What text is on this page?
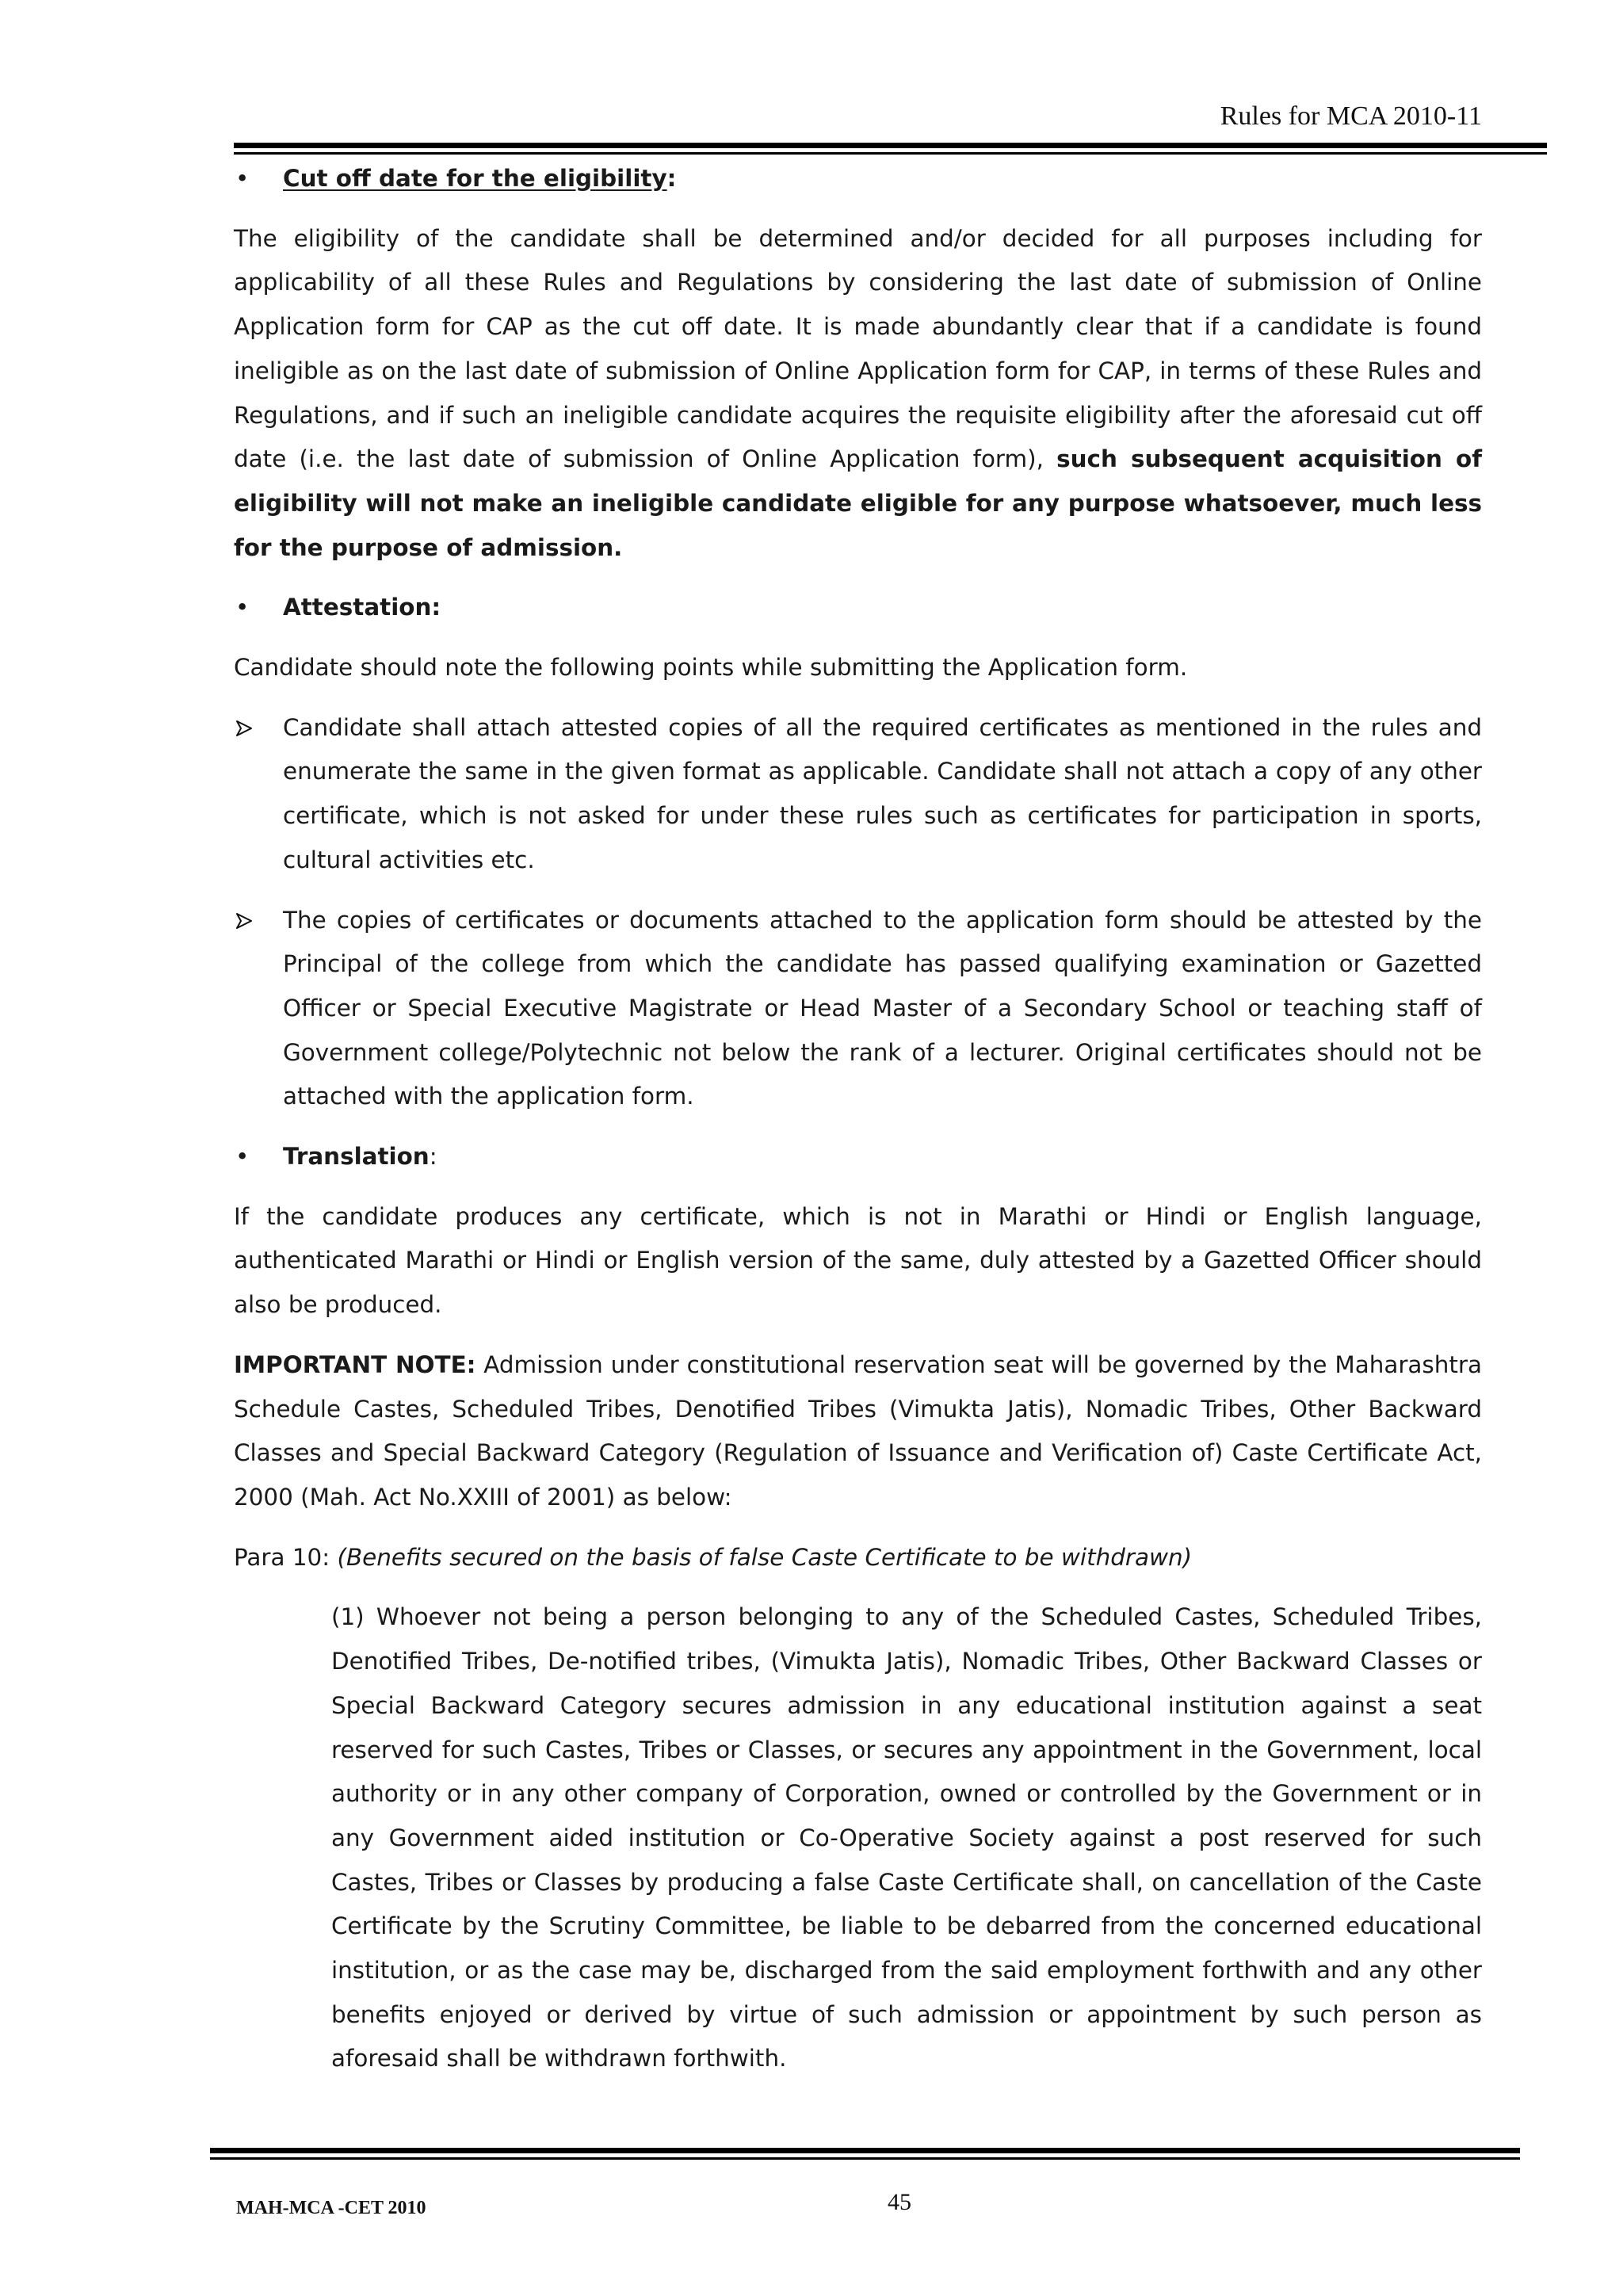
Rules for MCA 2010-11

• Cut off date for the eligibility:

The eligibility of the candidate shall be determined and/or decided for all purposes including for applicability of all these Rules and Regulations by considering the last date of submission of Online Application form for CAP as the cut off date. It is made abundantly clear that if a candidate is found ineligible as on the last date of submission of Online Application form for CAP, in terms of these Rules and Regulations, and if such an ineligible candidate acquires the requisite eligibility after the aforesaid cut off date (i.e. the last date of submission of Online Application form), such subsequent acquisition of eligibility will not make an ineligible candidate eligible for any purpose whatsoever, much less for the purpose of admission.

• Attestation:

Candidate should note the following points while submitting the Application form.

Candidate shall attach attested copies of all the required certificates as mentioned in the rules and enumerate the same in the given format as applicable. Candidate shall not attach a copy of any other certificate, which is not asked for under these rules such as certificates for participation in sports, cultural activities etc.

The copies of certificates or documents attached to the application form should be attested by the Principal of the college from which the candidate has passed qualifying examination or Gazetted Officer or Special Executive Magistrate or Head Master of a Secondary School or teaching staff of Government college/Polytechnic not below the rank of a lecturer. Original certificates should not be attached with the application form.

• Translation:

If the candidate produces any certificate, which is not in Marathi or Hindi or English language, authenticated Marathi or Hindi or English version of the same, duly attested by a Gazetted Officer should also be produced.

IMPORTANT NOTE: Admission under constitutional reservation seat will be governed by the Maharashtra Schedule Castes, Scheduled Tribes, Denotified Tribes (Vimukta Jatis), Nomadic Tribes, Other Backward Classes and Special Backward Category (Regulation of Issuance and Verification of) Caste Certificate Act, 2000 (Mah. Act No.XXIII of 2001) as below:

Para 10: (Benefits secured on the basis of false Caste Certificate to be withdrawn)

(1) Whoever not being a person belonging to any of the Scheduled Castes, Scheduled Tribes, Denotified Tribes, De-notified tribes, (Vimukta Jatis), Nomadic Tribes, Other Backward Classes or Special Backward Category secures admission in any educational institution against a seat reserved for such Castes, Tribes or Classes, or secures any appointment in the Government, local authority or in any other company of Corporation, owned or controlled by the Government or in any Government aided institution or Co-Operative Society against a post reserved for such Castes, Tribes or Classes by producing a false Caste Certificate shall, on cancellation of the Caste Certificate by the Scrutiny Committee, be liable to be debarred from the concerned educational institution, or as the case may be, discharged from the said employment forthwith and any other benefits enjoyed or derived by virtue of such admission or appointment by such person as aforesaid shall be withdrawn forthwith.

MAH-MCA -CET 2010	45
